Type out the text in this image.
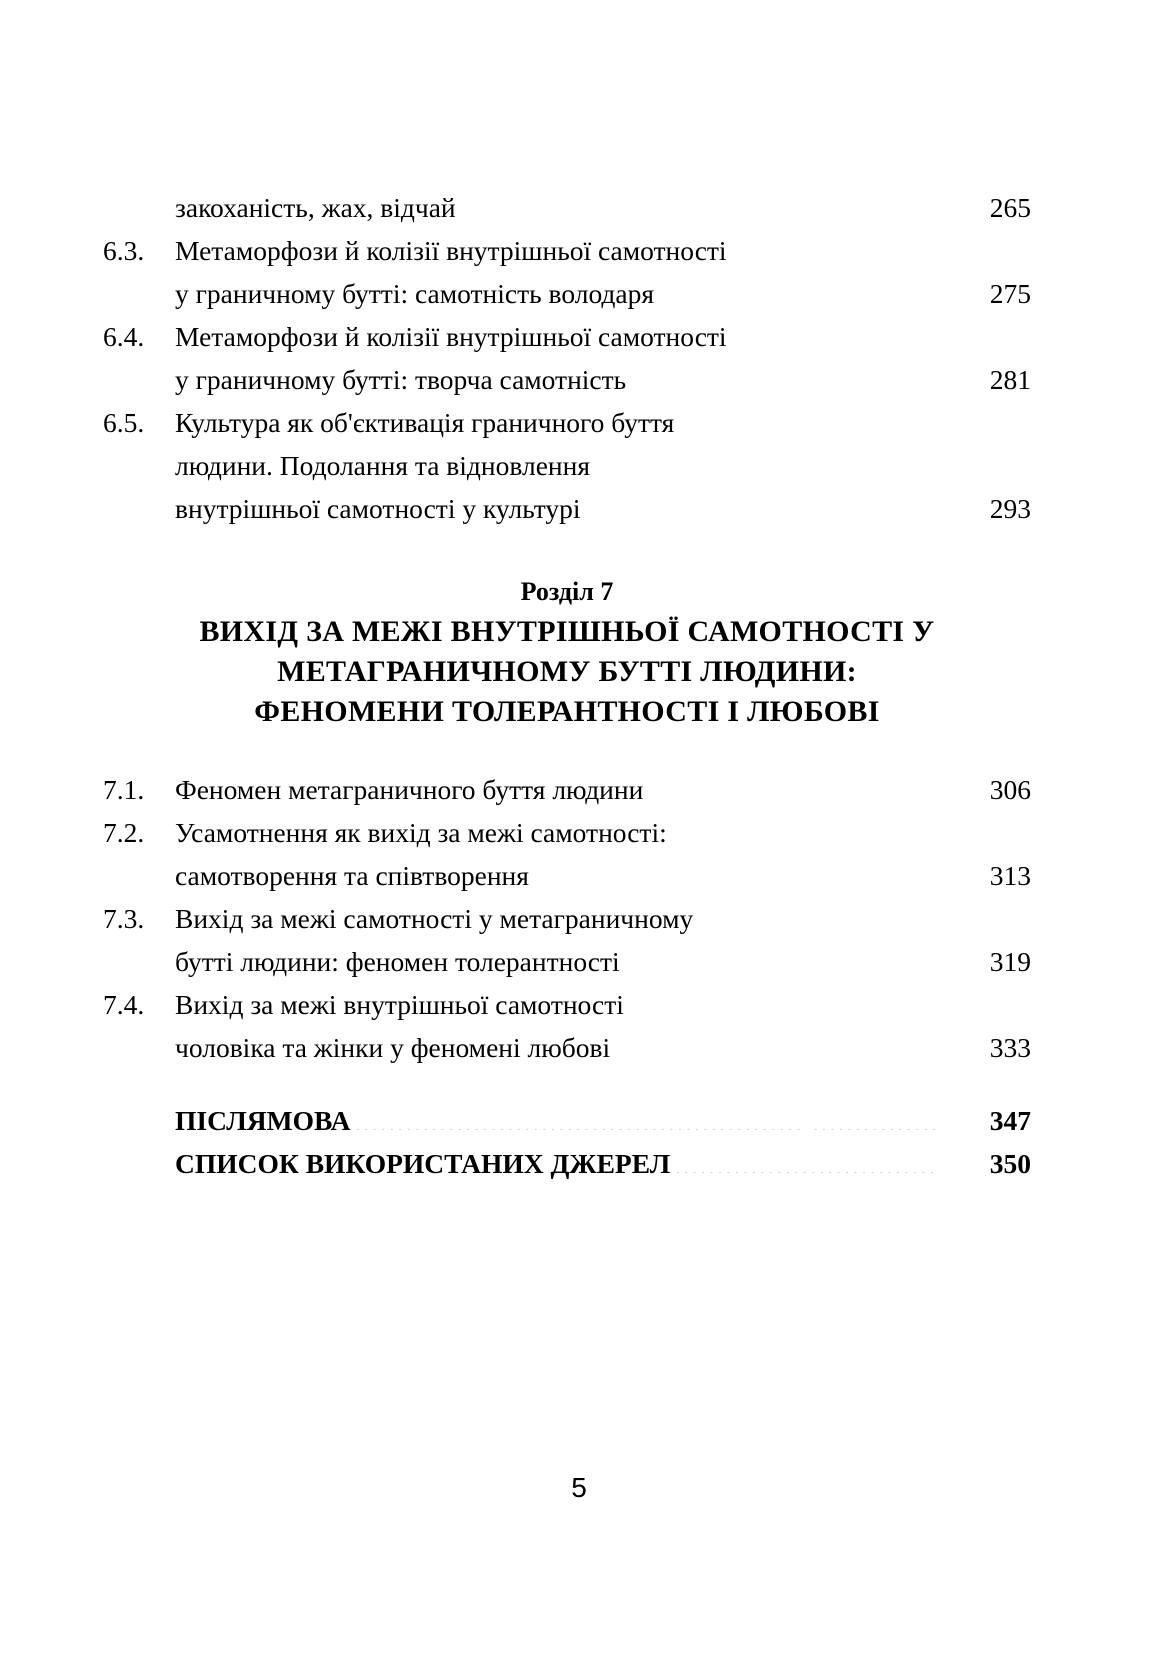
закоханість, жах, відчай .....	265
6.3.	Метаморфози й колізії внутрішньої самотності
у граничному бутті: самотність володаря .....	275
6.4.	Метаморфози й колізії внутрішньої самотності
у граничному бутті: творча самотність .....	281
6.5.	Культура як об'єктивація граничного буття
людини. Подолання та відновлення
внутрішньої самотності у культурі .....	293
Розділ 7
ВИХІД ЗА МЕЖІ ВНУТРІШНЬОЇ САМОТНОСТІ У
МЕТАГРАНИЧНОМУ БУТТІ ЛЮДИНИ:
ФЕНОМЕНИ ТОЛЕРАНТНОСТІ І ЛЮБОВІ
7.1.	Феномен метаграничного буття людини .....	306
7.2.	Усамотнення як вихід за межі самотності:
самотворення та співтворення .....	313
7.3.	Вихід за межі самотності у метаграничному
бутті людини: феномен толерантності .....	319
7.4.	Вихід за межі внутрішньої самотності
чоловіка та жінки у феномені любові .....	333
ПІСЛЯМОВА .....	347
СПИСОК ВИКОРИСТАНИХ ДЖЕРЕЛ .....	350
5
